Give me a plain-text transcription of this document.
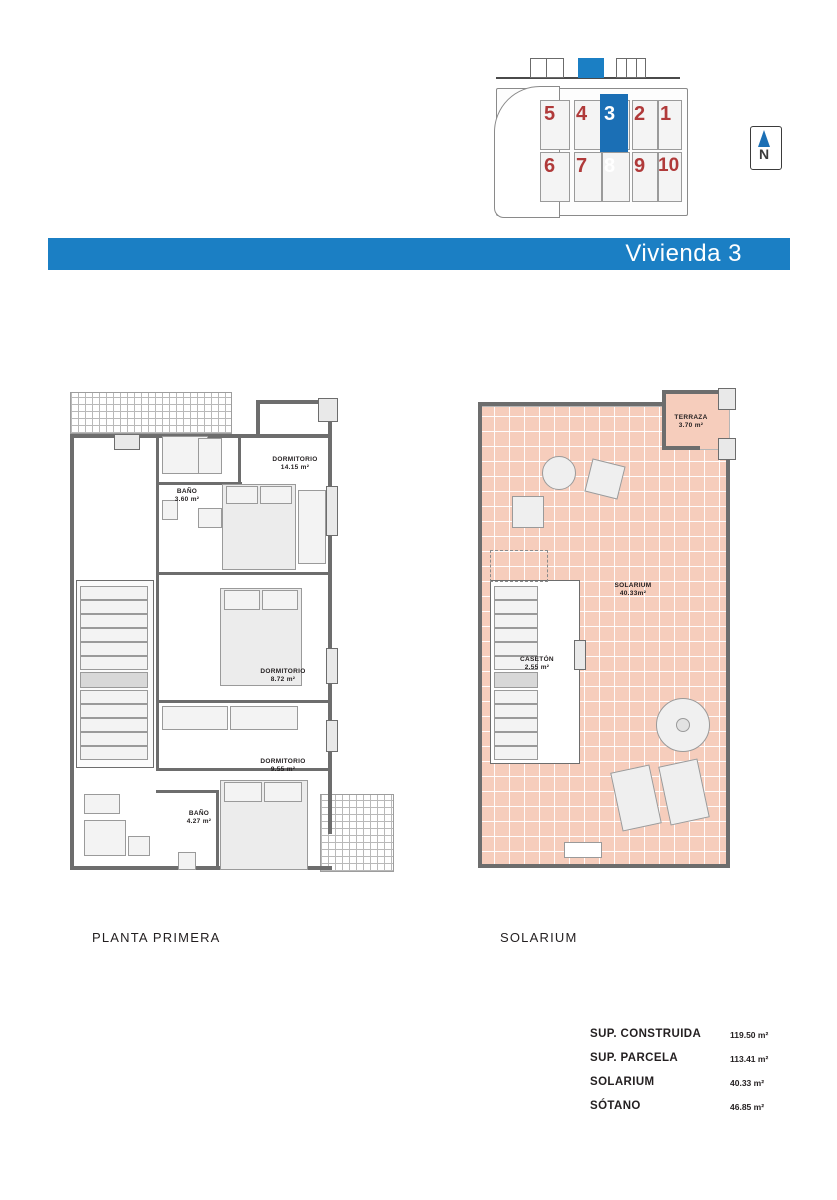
5 4 3 2 1
6 7 8 9 10
N
Vivienda 3
DORMITORIO
14.15 m²
BAÑO
3.60 m²
DORMITORIO
8.72 m²
DORMITORIO
9.55 m²
BAÑO
4.27 m²
PLANTA PRIMERA
TERRAZA
3.70 m²
SOLARIUM
40.33m²
CASETÓN
2.55 m²
SOLARIUM
SUP. CONSTRUIDA	119.50 m²
SUP. PARCELA	113.41 m²
SOLARIUM	40.33 m²
SÓTANO	46.85 m²
